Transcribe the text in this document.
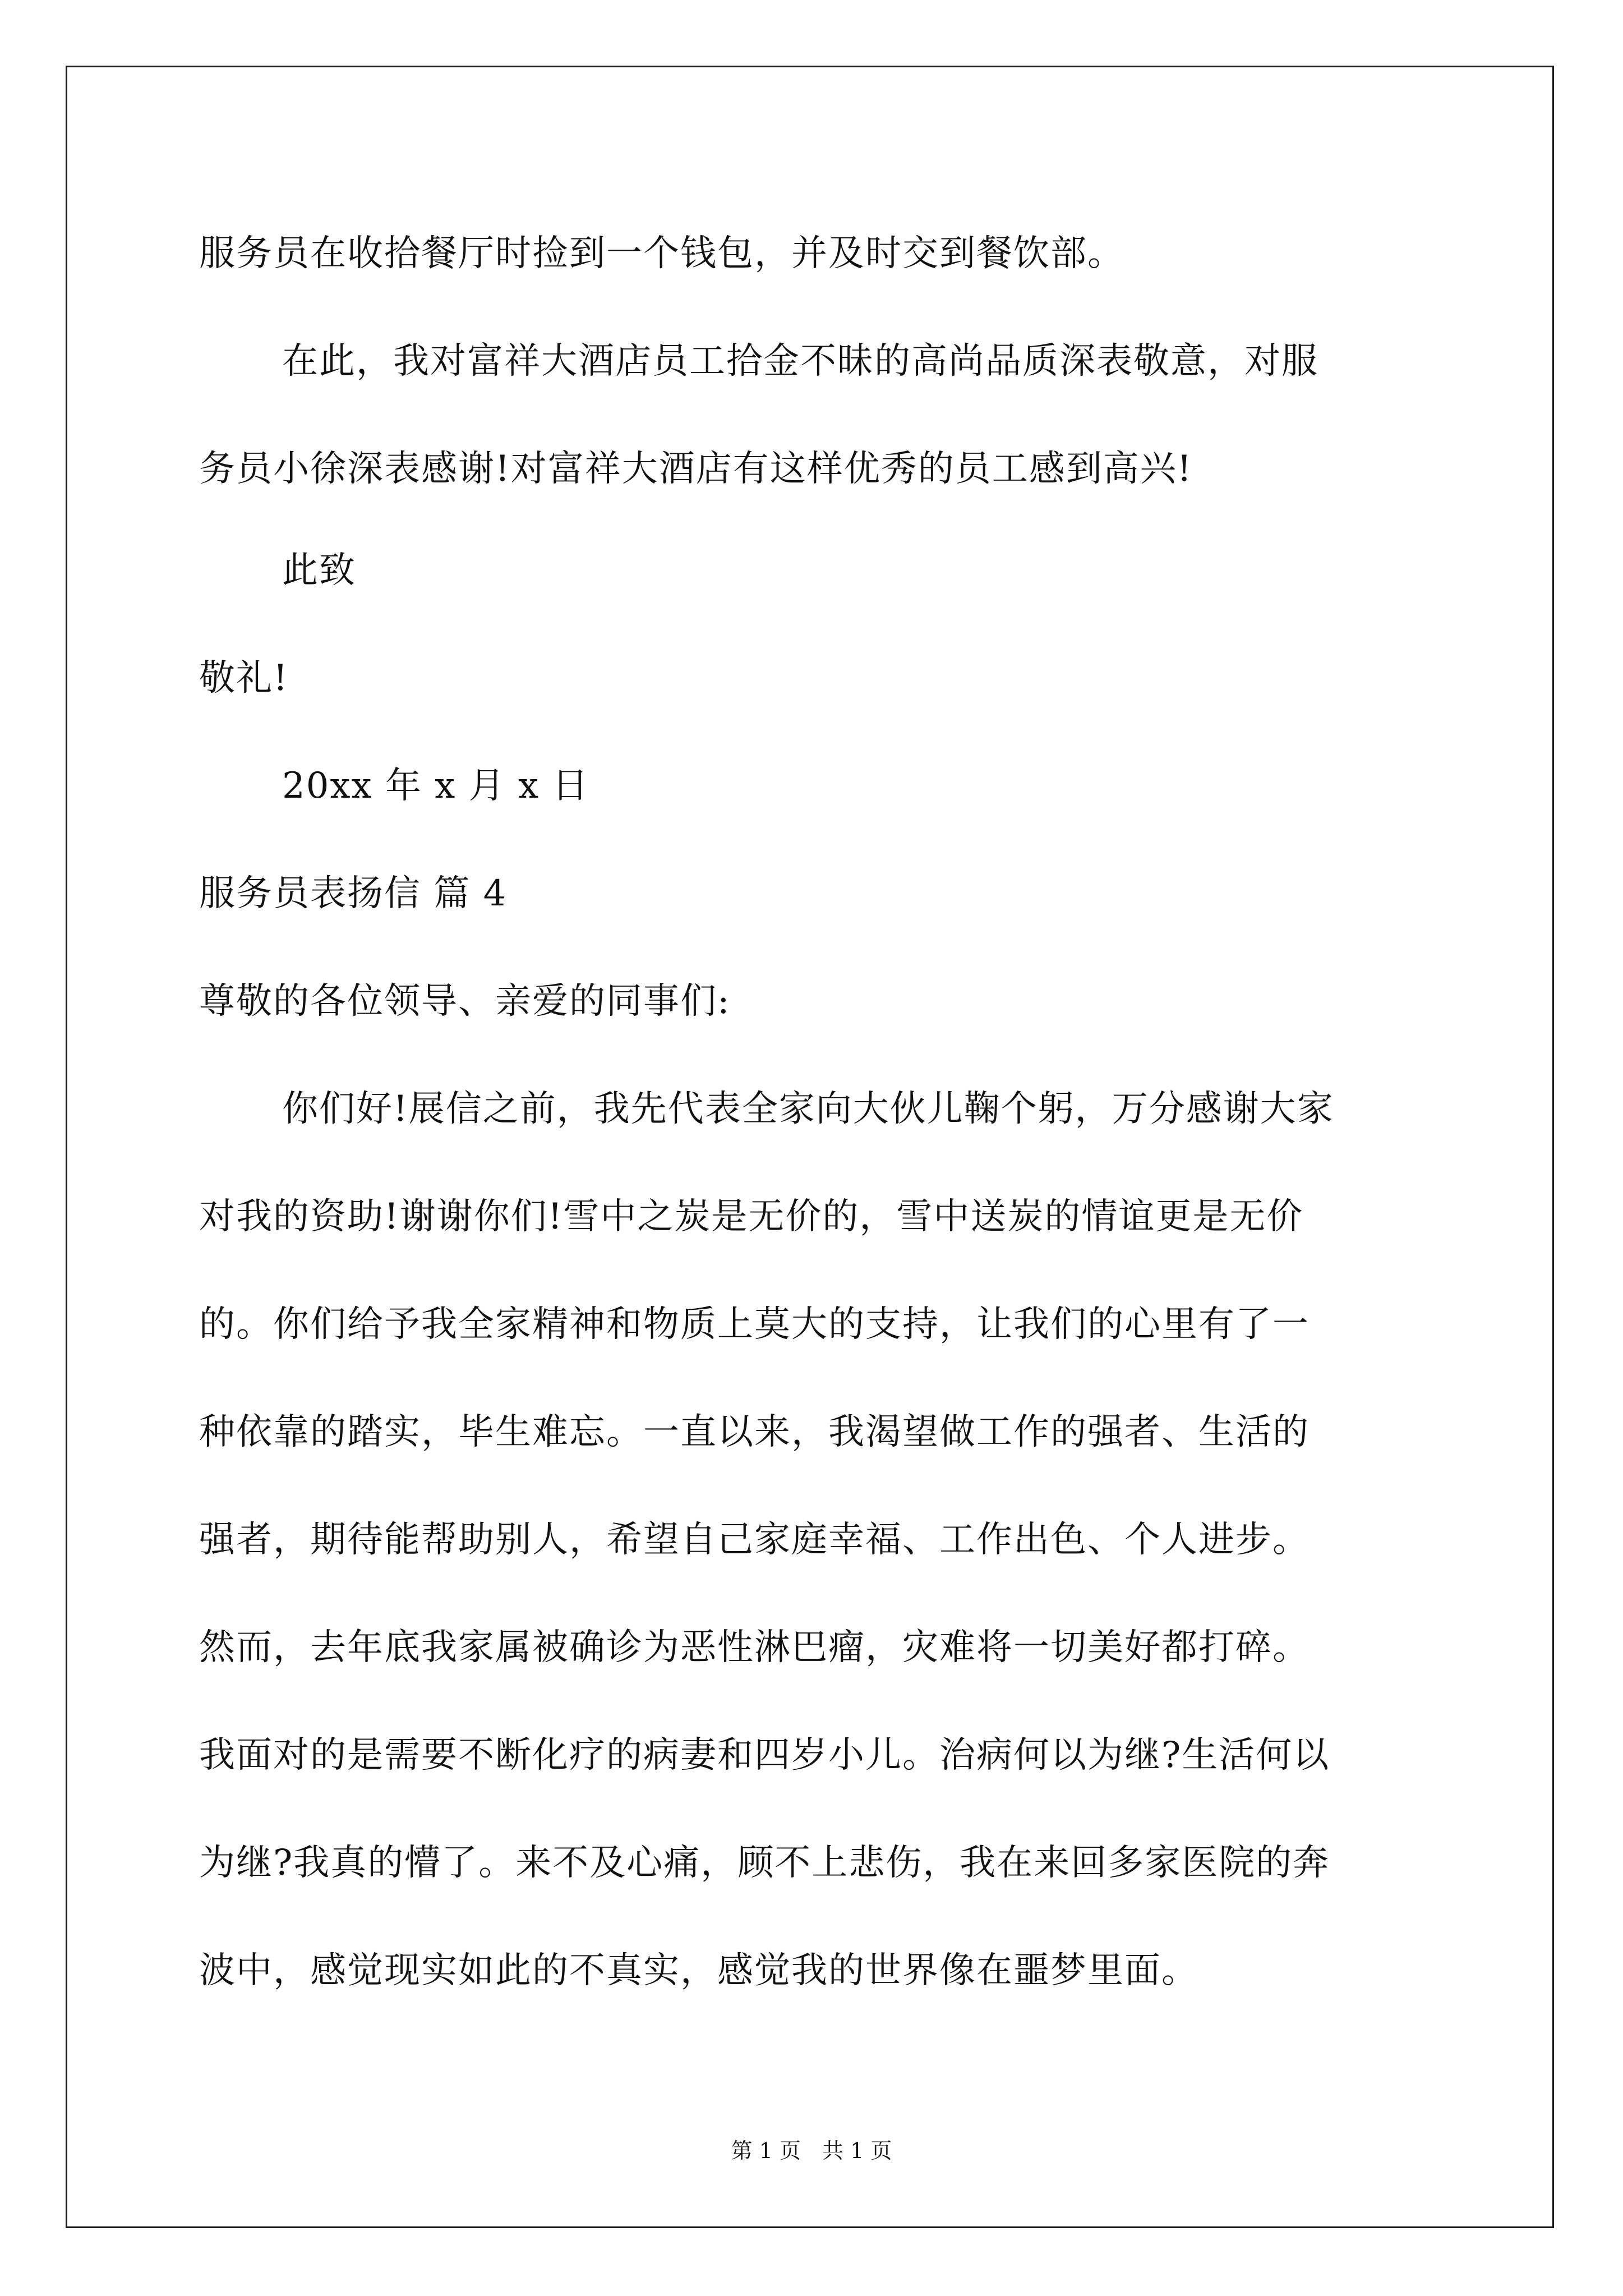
服务员在收拾餐厅时捡到一个钱包，并及时交到餐饮部。
在此，我对富祥大酒店员工拾金不昧的高尚品质深表敬意，对服
务员小徐深表感谢!对富祥大酒店有这样优秀的员工感到高兴!
此致
敬礼!
20xx 年 x 月 x 日
服务员表扬信 篇 4
尊敬的各位领导、亲爱的同事们:
你们好!展信之前，我先代表全家向大伙儿鞠个躬，万分感谢大家
对我的资助!谢谢你们!雪中之炭是无价的，雪中送炭的情谊更是无价
的。你们给予我全家精神和物质上莫大的支持，让我们的心里有了一
种依靠的踏实，毕生难忘。一直以来，我渴望做工作的强者、生活的
强者，期待能帮助别人，希望自己家庭幸福、工作出色、个人进步。
然而，去年底我家属被确诊为恶性淋巴瘤，灾难将一切美好都打碎。
我面对的是需要不断化疗的病妻和四岁小儿。治病何以为继?生活何以
为继?我真的懵了。来不及心痛，顾不上悲伤，我在来回多家医院的奔
波中，感觉现实如此的不真实，感觉我的世界像在噩梦里面。
第 1 页　共 1 页
